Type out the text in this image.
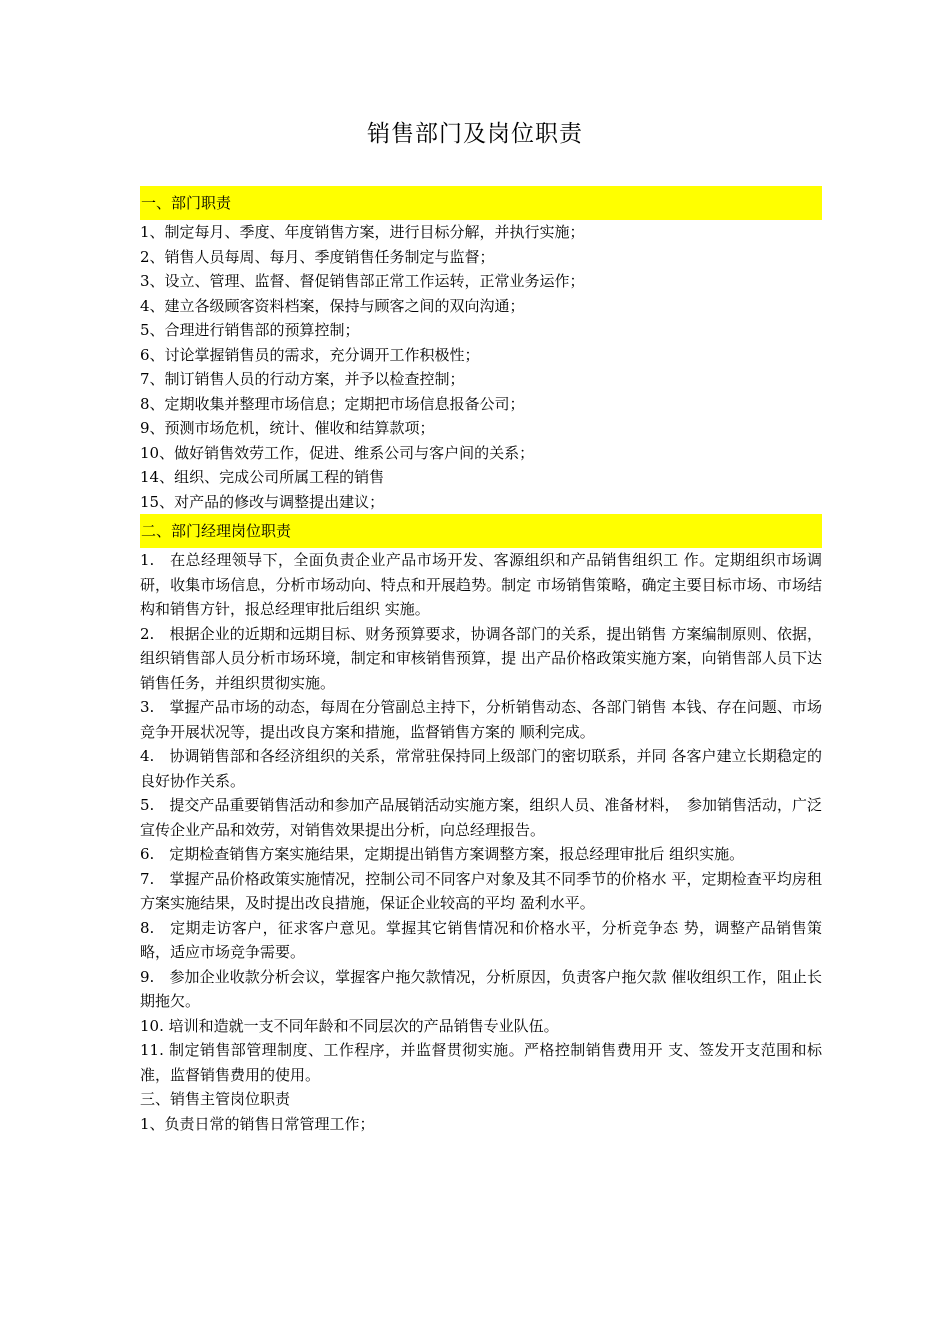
销售部门及岗位职责
一、部门职责
1、制定每月、季度、年度销售方案，进行目标分解，并执行实施；
2、销售人员每周、每月、季度销售任务制定与监督；
3、设立、管理、监督、督促销售部正常工作运转，正常业务运作；
4、建立各级顾客资料档案，保持与顾客之间的双向沟通；
5、合理进行销售部的预算控制；
6、讨论掌握销售员的需求，充分调开工作积极性；
7、制订销售人员的行动方案，并予以检查控制；
8、定期收集并整理市场信息；定期把市场信息报备公司；
9、预测市场危机，统计、催收和结算款项；
10、做好销售效劳工作，促进、维系公司与客户间的关系；
14、组织、完成公司所属工程的销售
15、对产品的修改与调整提出建议；
二、部门经理岗位职责
1.　在总经理领导下，全面负责企业产品市场开发、客源组织和产品销售组织工 作。定期组织市场调研，收集市场信息，分析市场动向、特点和开展趋势。制定 市场销售策略，确定主要目标市场、市场结构和销售方针，报总经理审批后组织 实施。
2.　根据企业的近期和远期目标、财务预算要求，协调各部门的关系，提出销售 方案编制原则、依据，组织销售部人员分析市场环境，制定和审核销售预算，提 出产品价格政策实施方案，向销售部人员下达销售任务，并组织贯彻实施。
3.　掌握产品市场的动态，每周在分管副总主持下，分析销售动态、各部门销售 本钱、存在问题、市场竞争开展状况等，提出改良方案和措施，监督销售方案的 顺利完成。
4.　协调销售部和各经济组织的关系，常常驻保持同上级部门的密切联系，并同 各客户建立长期稳定的良好协作关系。
5.　提交产品重要销售活动和参加产品展销活动实施方案，组织人员、准备材料，　参加销售活动，广泛宣传企业产品和效劳，对销售效果提出分析，向总经理报告。
6.　定期检查销售方案实施结果，定期提出销售方案调整方案，报总经理审批后 组织实施。
7.　掌握产品价格政策实施情况，控制公司不同客户对象及其不同季节的价格水 平，定期检查平均房租方案实施结果，及时提出改良措施，保证企业较高的平均 盈利水平。
8.　定期走访客户，征求客户意见。掌握其它销售情况和价格水平，分析竞争态 势，调整产品销售策略，适应市场竞争需要。
9.　参加企业收款分析会议，掌握客户拖欠款情况，分析原因，负责客户拖欠款 催收组织工作，阻止长期拖欠。
10. 培训和造就一支不同年龄和不同层次的产品销售专业队伍。
11. 制定销售部管理制度、工作程序，并监督贯彻实施。严格控制销售费用开 支、签发开支范围和标准，监督销售费用的使用。
三、销售主管岗位职责
1、负责日常的销售日常管理工作；
